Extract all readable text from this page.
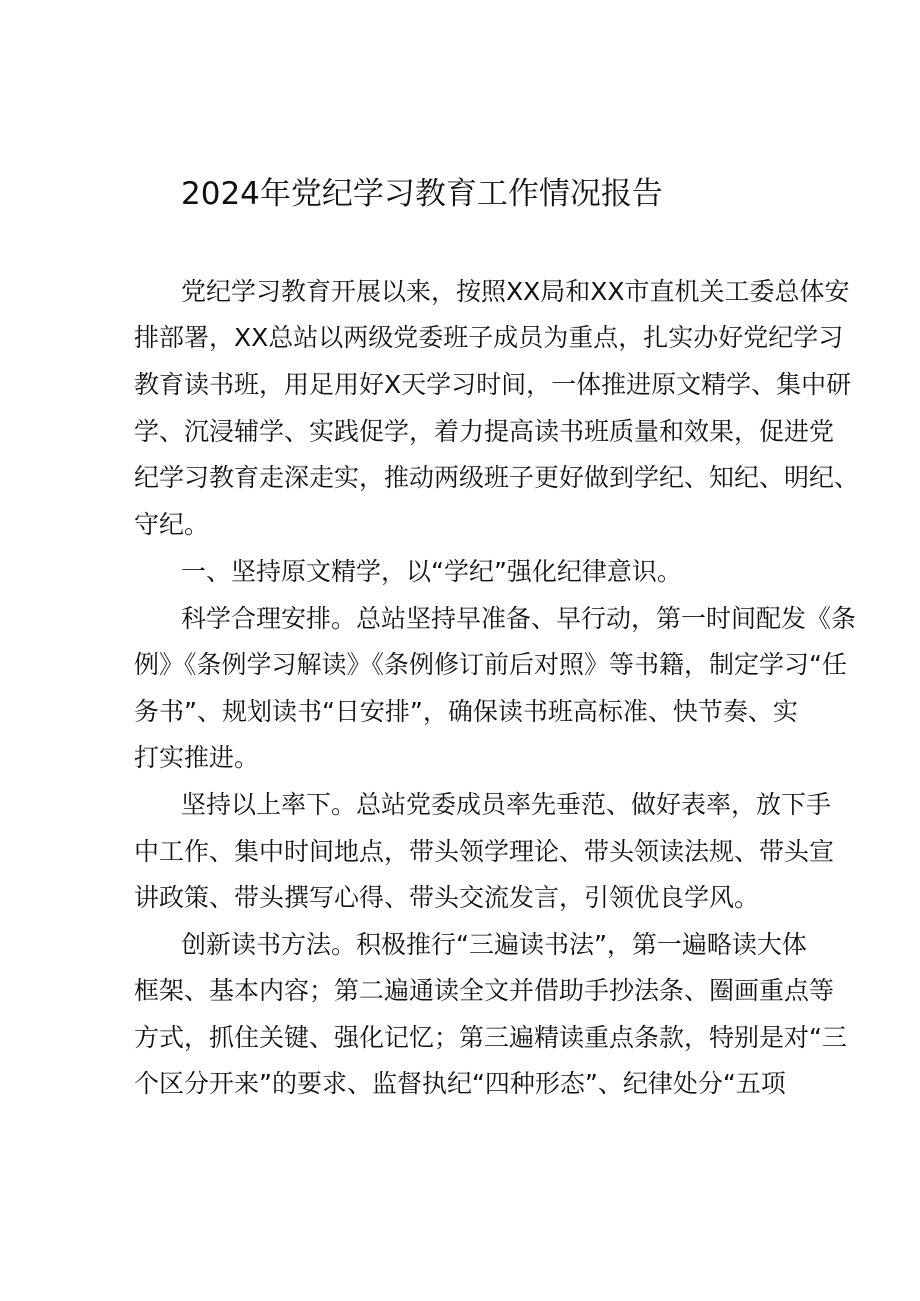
2024年党纪学习教育工作情况报告
党纪学习教育开展以来，按照XX局和XX市直机关工委总体安
排部署，XX总站以两级党委班子成员为重点，扎实办好党纪学习
教育读书班，用足用好X天学习时间，一体推进原文精学、集中研
学、沉浸辅学、实践促学，着力提高读书班质量和效果，促进党
纪学习教育走深走实，推动两级班子更好做到学纪、知纪、明纪、
守纪。
一、坚持原文精学，以“学纪”强化纪律意识。
科学合理安排。总站坚持早准备、早行动，第一时间配发《条
例》《条例学习解读》《条例修订前后对照》等书籍，制定学习“任
务书”、规划读书“日安排”，确保读书班高标准、快节奏、实
打实推进。
坚持以上率下。总站党委成员率先垂范、做好表率，放下手
中工作、集中时间地点，带头领学理论、带头领读法规、带头宣
讲政策、带头撰写心得、带头交流发言，引领优良学风。
创新读书方法。积极推行“三遍读书法”，第一遍略读大体
框架、基本内容；第二遍通读全文并借助手抄法条、圈画重点等
方式，抓住关键、强化记忆；第三遍精读重点条款，特别是对“三
个区分开来”的要求、监督执纪“四种形态”、纪律处分“五项
